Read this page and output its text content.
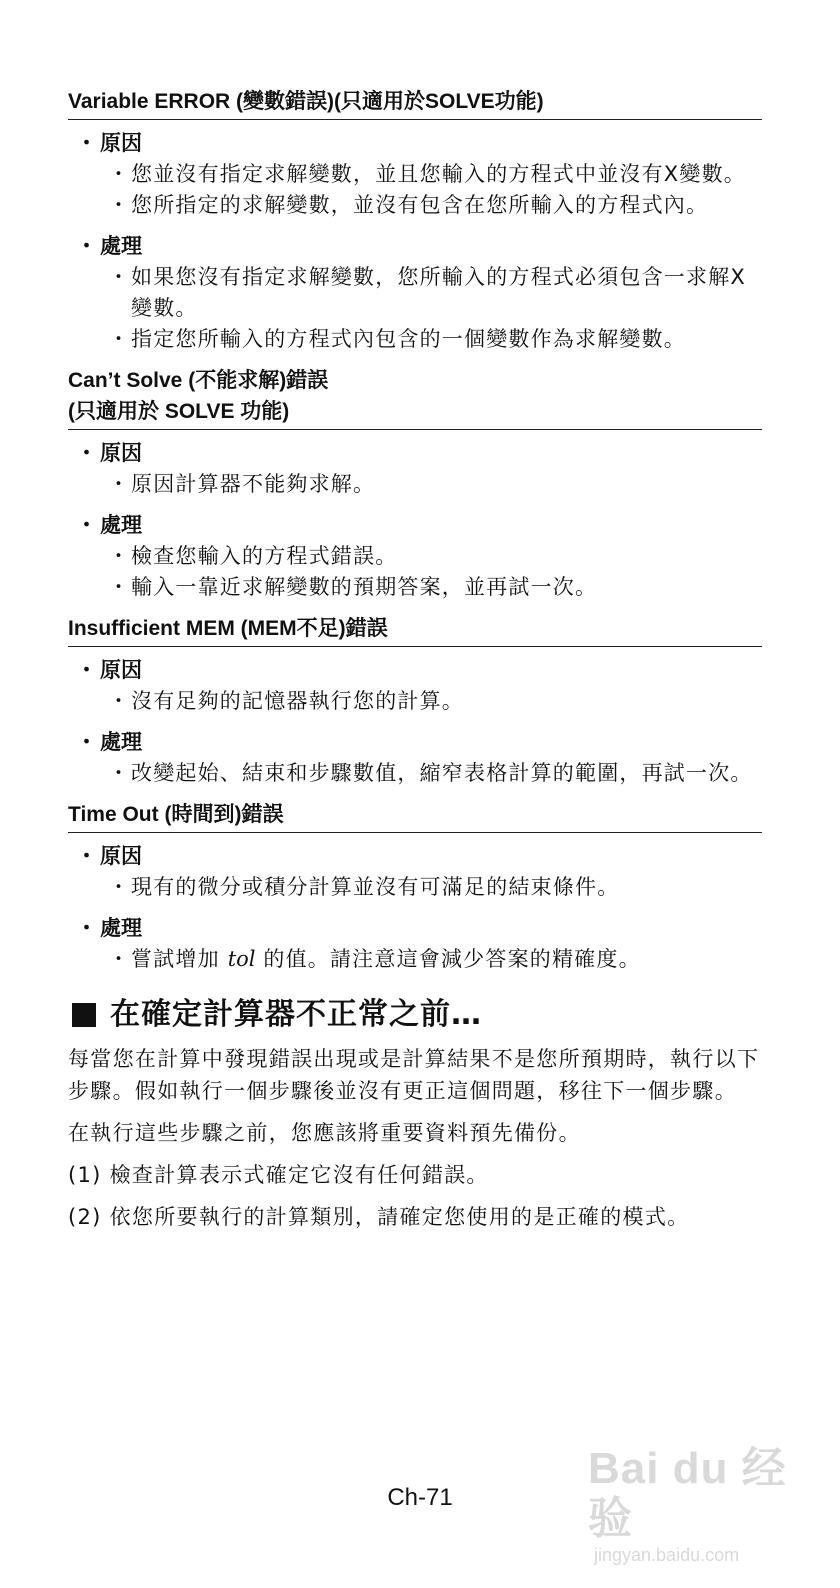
Variable ERROR (變數錯誤)(只適用於SOLVE功能)
・ 原因
・ 您並沒有指定求解變數，並且您輸入的方程式中並沒有X變數。
・ 您所指定的求解變數，並沒有包含在您所輸入的方程式內。
・ 處理
・ 如果您沒有指定求解變數，您所輸入的方程式必須包含一求解X變數。
・ 指定您所輸入的方程式內包含的一個變數作為求解變數。
Can’t Solve (不能求解)錯誤
(只適用於 SOLVE 功能)
・ 原因
・ 原因計算器不能夠求解。
・ 處理
・ 檢查您輸入的方程式錯誤。
・ 輸入一靠近求解變數的預期答案，並再試一次。
Insufficient MEM (MEM不足)錯誤
・ 原因
・ 沒有足夠的記憶器執行您的計算。
・ 處理
・ 改變起始、結束和步驟數值，縮窄表格計算的範圍，再試一次。
Time Out (時間到)錯誤
・ 原因
・ 現有的微分或積分計算並沒有可滿足的結束條件。
・ 處理
・ 嘗試增加 tol 的值。請注意這會減少答案的精確度。
在確定計算器不正常之前…
每當您在計算中發現錯誤出現或是計算結果不是您所預期時，執行以下步驟。假如執行一個步驟後並沒有更正這個問題，移往下一個步驟。
在執行這些步驟之前，您應該將重要資料預先備份。
(1) 檢查計算表示式確定它沒有任何錯誤。
(2) 依您所要執行的計算類別，請確定您使用的是正確的模式。
Ch-71
Bai du 经验
jingyan.baidu.com
